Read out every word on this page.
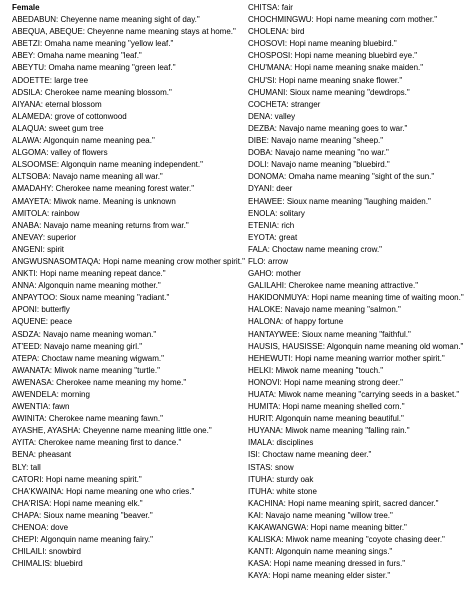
Female
ABEDABUN: Cheyenne name meaning sight of day."
ABEQUA, ABEQUE: Cheyenne name meaning stays at home."
ABETZI: Omaha name meaning "yellow leaf."
ABEY: Omaha name meaning "leaf."
ABEYTU: Omaha name meaning "green leaf."
ADOETTE: large tree
ADSILA: Cherokee name meaning blossom."
AIYANA: eternal blossom
ALAMEDA: grove of cottonwood
ALAQUA: sweet gum tree
ALAWA: Algonquin name meaning pea."
ALGOMA: valley of flowers
ALSOOMSE: Algonquin name meaning independent."
ALTSOBA: Navajo name meaning all war."
AMADAHY: Cherokee name meaning forest water."
AMAYETA: Miwok name. Meaning is unknown
AMITOLA: rainbow
ANABA: Navajo name meaning returns from war."
ANEVAY: superior
ANGENI: spirit
ANGWUSNASOMTAQA: Hopi name meaning crow mother spirit."
ANKTI: Hopi name meaning repeat dance."
ANNA: Algonquin name meaning mother."
ANPAYTOO: Sioux name meaning "radiant."
APONI: butterfly
AQUENE: peace
ASDZA: Navajo name meaning woman."
AT'EED: Navajo name meaning girl."
ATEPA: Choctaw name meaning wigwam."
AWANATA: Miwok name meaning "turtle."
AWENASA: Cherokee name meaning my home."
AWENDELA: morning
AWENTIA: fawn
AWINITA: Cherokee name meaning fawn."
AYASHE, AYASHA: Cheyenne name meaning little one."
AYITA: Cherokee name meaning first to dance."
BENA: pheasant
BLY: tall
CATORI: Hopi name meaning spirit."
CHA'KWAINA: Hopi name meaning one who cries."
CHA'RISA: Hopi name meaning elk."
CHAPA: Sioux name meaning "beaver."
CHENOA: dove
CHEPI: Algonquin name meaning fairy."
CHILAILI: snowbird
CHIMALIS: bluebird
CHITSA: fair
CHOCHMINGWU: Hopi name meaning corn mother."
CHOLENA: bird
CHOSOVI: Hopi name meaning bluebird."
CHOSPOSI: Hopi name meaning bluebird eye."
CHU'MANA: Hopi name meaning snake maiden."
CHU'SI: Hopi name meaning snake flower."
CHUMANI: Sioux name meaning "dewdrops."
COCHETA: stranger
DENA: valley
DEZBA: Navajo name meaning goes to war."
DIBE: Navajo name meaning "sheep."
DOBA: Navajo name meaning "no war."
DOLI: Navajo name meaning "bluebird."
DONOMA: Omaha name meaning "sight of the sun."
DYANI: deer
EHAWEE: Sioux name meaning "laughing maiden."
ENOLA: solitary
ETENIA: rich
EYOTA: great
FALA: Choctaw name meaning crow."
FLO: arrow
GAHO: mother
GALILAHI: Cherokee name meaning attractive."
HAKIDONMUYA: Hopi name meaning time of waiting moon."
HALOKE: Navajo name meaning "salmon."
HALONA: of happy fortune
HANTAYWEE: Sioux name meaning "faithful."
HAUSIS, HAUSISSE: Algonquin name meaning old woman."
HEHEWUTI: Hopi name meaning warrior mother spirit."
HELKI: Miwok name meaning "touch."
HONOVI: Hopi name meaning strong deer."
HUATA: Miwok name meaning "carrying seeds in a basket."
HUMITA: Hopi name meaning shelled corn."
HURIT: Algonquin name meaning beautiful."
HUYANA: Miwok name meaning "falling rain."
IMALA: disciplines
ISI: Choctaw name meaning deer."
ISTAS: snow
ITUHA: sturdy oak
ITUHA: white stone
KACHINA: Hopi name meaning spirit, sacred dancer."
KAI: Navajo name meaning "willow tree."
KAKAWANGWA: Hopi name meaning bitter."
KALISKA: Miwok name meaning "coyote chasing deer."
KANTI: Algonquin name meaning sings."
KASA: Hopi name meaning dressed in furs."
KAYA: Hopi name meaning elder sister."
